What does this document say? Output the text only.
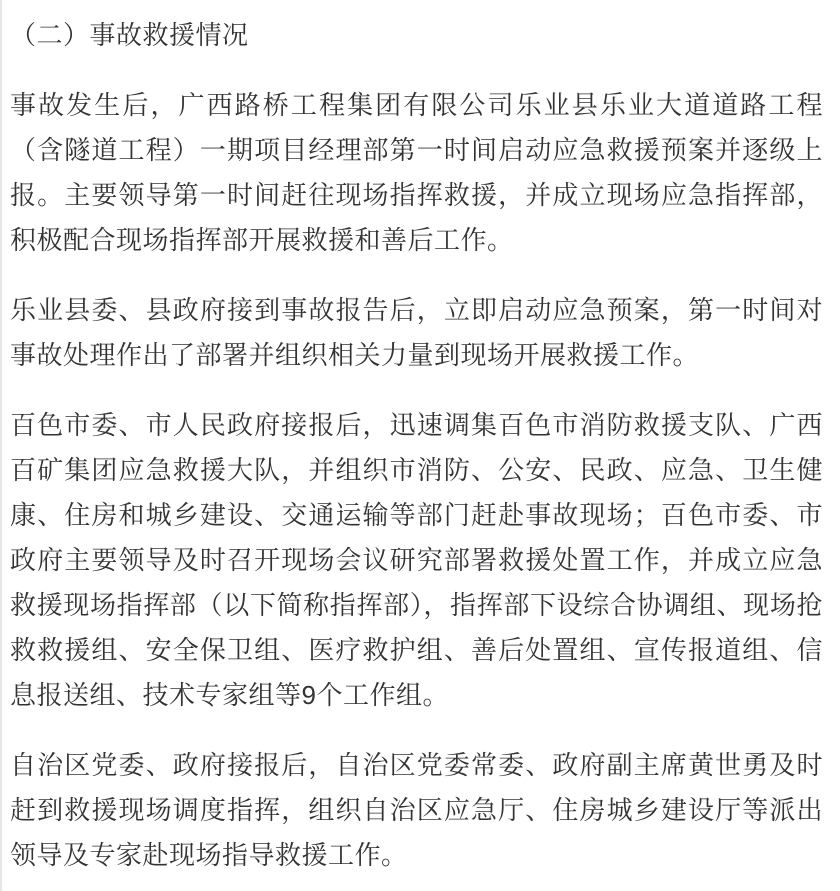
（二）事故救援情况

事故发生后，广西路桥工程集团有限公司乐业县乐业大道道路工程（含隧道工程）一期项目经理部第一时间启动应急救援预案并逐级上报。主要领导第一时间赶往现场指挥救援，并成立现场应急指挥部，积极配合现场指挥部开展救援和善后工作。

乐业县委、县政府接到事故报告后，立即启动应急预案，第一时间对事故处理作出了部署并组织相关力量到现场开展救援工作。

百色市委、市人民政府接报后，迅速调集百色市消防救援支队、广西百矿集团应急救援大队，并组织市消防、公安、民政、应急、卫生健康、住房和城乡建设、交通运输等部门赶赴事故现场；百色市委、市政府主要领导及时召开现场会议研究部署救援处置工作，并成立应急救援现场指挥部（以下简称指挥部），指挥部下设综合协调组、现场抢救救援组、安全保卫组、医疗救护组、善后处置组、宣传报道组、信息报送组、技术专家组等9个工作组。

自治区党委、政府接报后，自治区党委常委、政府副主席黄世勇及时赶到救援现场调度指挥，组织自治区应急厅、住房城乡建设厅等派出领导及专家赴现场指导救援工作。
